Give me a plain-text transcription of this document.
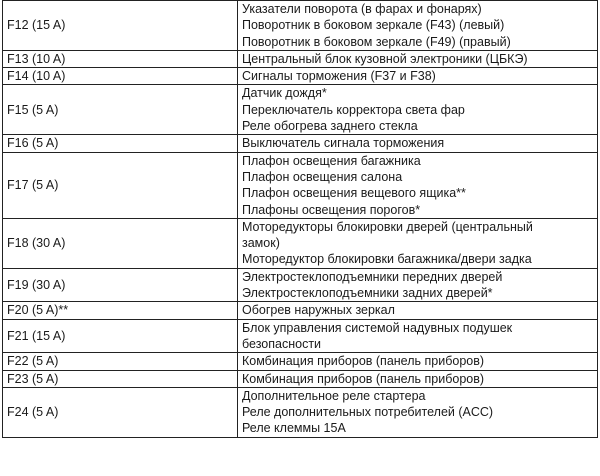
F12 (15 A)	Указатели поворота (в фарах и фонарях)
Поворотник в боковом зеркале (F43) (левый)
Поворотник в боковом зеркале (F49) (правый)

F13 (10 A)	Центральный блок кузовной электроники (ЦБКЭ)

F14 (10 A)	Сигналы торможения (F37 и F38)

F15 (5 A)	Датчик дождя*
Переключатель корректора света фар
Реле обогрева заднего стекла

F16 (5 A)	Выключатель сигнала торможения

F17 (5 A)	Плафон освещения багажника
Плафон освещения салона
Плафон освещения вещевого ящика**
Плафоны освещения порогов*

F18 (30 A)	Моторедукторы блокировки дверей (центральный
замок)
Моторедуктор блокировки багажника/двери задка

F19 (30 A)	Электростеклоподъемники передних дверей
Электростеклоподъемники задних дверей*

F20 (5 A)**	Обогрев наружных зеркал

F21 (15 A)	Блок управления системой надувных подушек
безопасности

F22 (5 A)	Комбинация приборов (панель приборов)

F23 (5 A)	Комбинация приборов (панель приборов)

F24 (5 A)	Дополнительное реле стартера
Реле дополнительных потребителей (ACC)
Реле клеммы 15A
